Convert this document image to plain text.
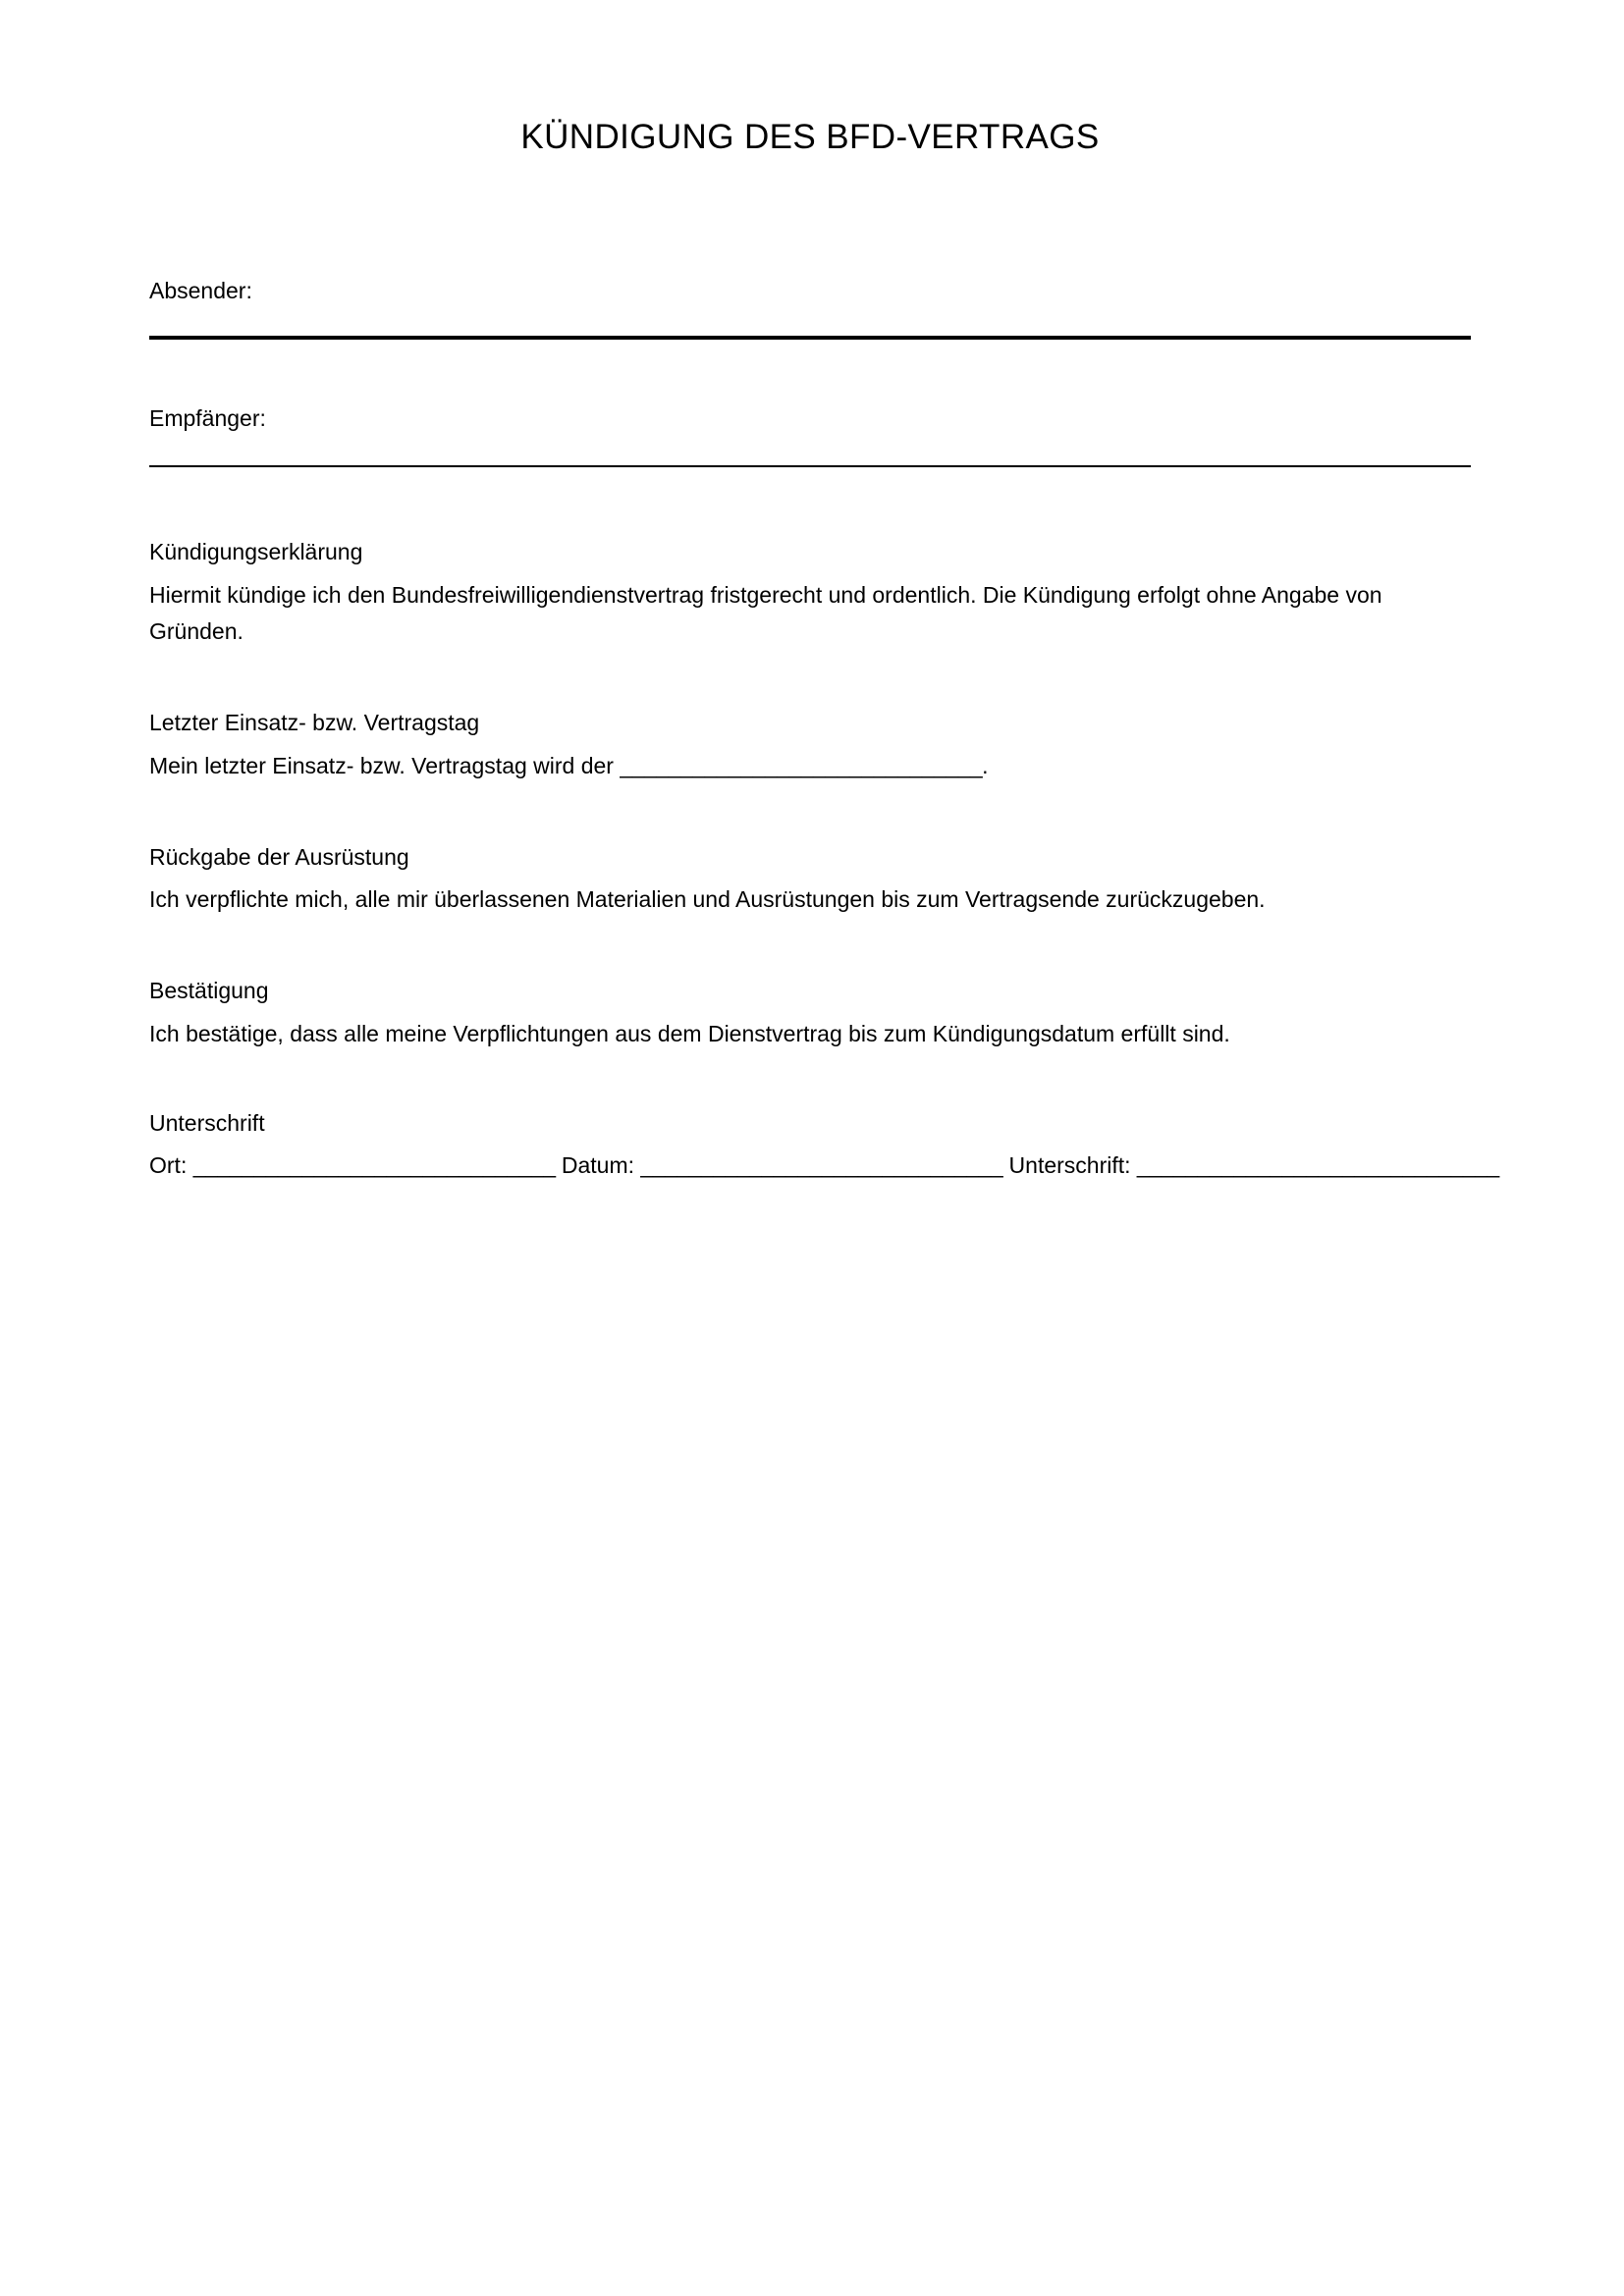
KÜNDIGUNG DES BFD-VERTRAGS
Absender:
Empfänger:
Kündigungserklärung

Hiermit kündige ich den Bundesfreiwilligendienstvertrag fristgerecht und ordentlich. Die Kündigung erfolgt ohne Angabe von Gründen.

Letzter Einsatz- bzw. Vertragstag

Mein letzter Einsatz- bzw. Vertragstag wird der ______________________________.

Rückgabe der Ausrüstung

Ich verpflichte mich, alle mir überlassenen Materialien und Ausrüstungen bis zum Vertragsende zurückzugeben.

Bestätigung

Ich bestätige, dass alle meine Verpflichtungen aus dem Dienstvertrag bis zum Kündigungsdatum erfüllt sind.

Unterschrift

Ort: ______________________________ Datum: ______________________________ Unterschrift: ______________________________
